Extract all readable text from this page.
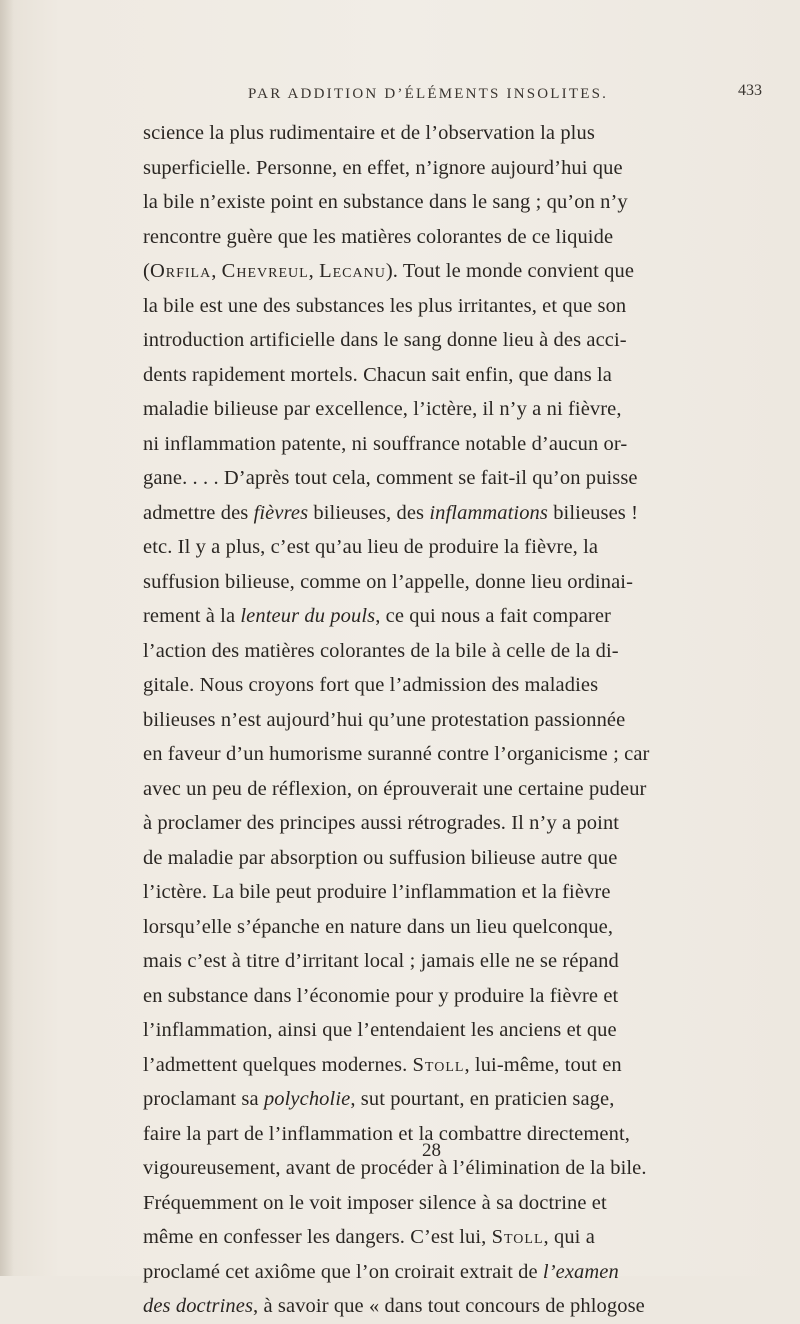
PAR ADDITION D’ÉLÉMENTS INSOLITES.	433
science la plus rudimentaire et de l’observation la plus
superficielle. Personne, en effet, n’ignore aujourd’hui que
la bile n’existe point en substance dans le sang ; qu’on n’y
rencontre guère que les matières colorantes de ce liquide
(Orfila, Chevreul, Lecanu). Tout le monde convient que
la bile est une des substances les plus irritantes, et que son
introduction artificielle dans le sang donne lieu à des acci-
dents rapidement mortels. Chacun sait enfin, que dans la
maladie bilieuse par excellence, l’ictère, il n’y a ni fièvre,
ni inflammation patente, ni souffrance notable d’aucun or-
gane. . . . D’après tout cela, comment se fait-il qu’on puisse
admettre des fièvres bilieuses, des inflammations bilieuses !
etc. Il y a plus, c’est qu’au lieu de produire la fièvre, la
suffusion bilieuse, comme on l’appelle, donne lieu ordinai-
rement à la lenteur du pouls, ce qui nous a fait comparer
l’action des matières colorantes de la bile à celle de la di-
gitale. Nous croyons fort que l’admission des maladies
bilieuses n’est aujourd’hui qu’une protestation passionnée
en faveur d’un humorisme suranné contre l’organicisme ; car
avec un peu de réflexion, on éprouverait une certaine pudeur
à proclamer des principes aussi rétrogrades. Il n’y a point
de maladie par absorption ou suffusion bilieuse autre que
l’ictère. La bile peut produire l’inflammation et la fièvre
lorsqu’elle s’épanche en nature dans un lieu quelconque,
mais c’est à titre d’irritant local ; jamais elle ne se répand
en substance dans l’économie pour y produire la fièvre et
l’inflammation, ainsi que l’entendaient les anciens et que
l’admettent quelques modernes. Stoll, lui-même, tout en
proclamant sa polycholie, sut pourtant, en praticien sage,
faire la part de l’inflammation et la combattre directement,
vigoureusement, avant de procéder à l’élimination de la bile.
Fréquemment on le voit imposer silence à sa doctrine et
même en confesser les dangers. C’est lui, Stoll, qui a
proclamé cet axiôme que l’on croirait extrait de l’examen
des doctrines, à savoir que « dans tout concours de phlogose
28
